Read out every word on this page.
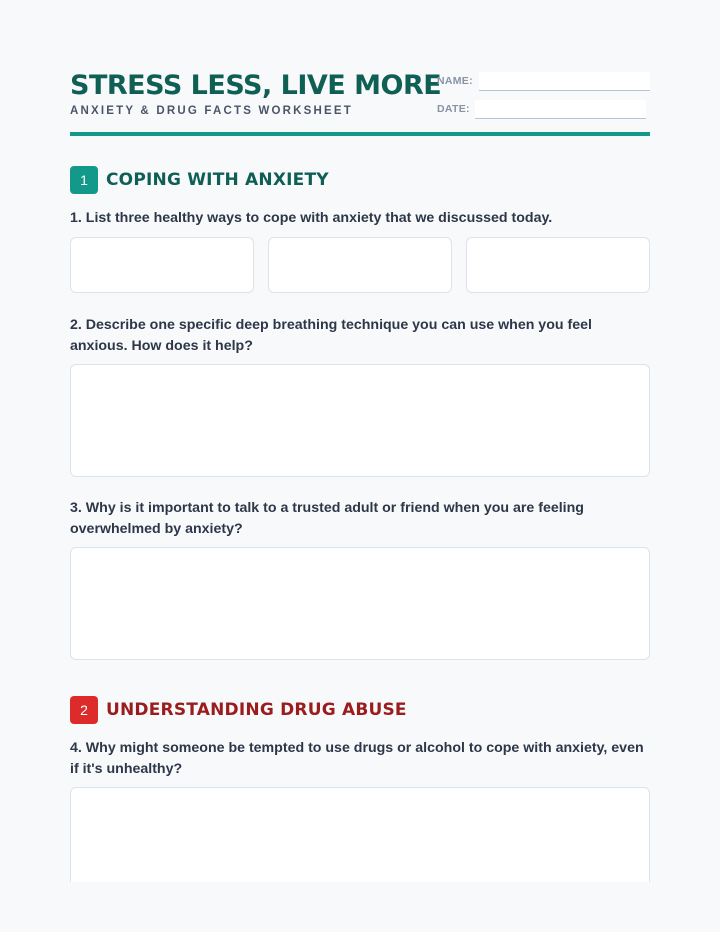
STRESS LESS, LIVE MORE
ANXIETY & DRUG FACTS WORKSHEET
NAME:
DATE:
1	COPING WITH ANXIETY
1. List three healthy ways to cope with anxiety that we discussed today.
2. Describe one specific deep breathing technique you can use when you feel anxious. How does it help?
3. Why is it important to talk to a trusted adult or friend when you are feeling overwhelmed by anxiety?
2	UNDERSTANDING DRUG ABUSE
4. Why might someone be tempted to use drugs or alcohol to cope with anxiety, even if it's unhealthy?
